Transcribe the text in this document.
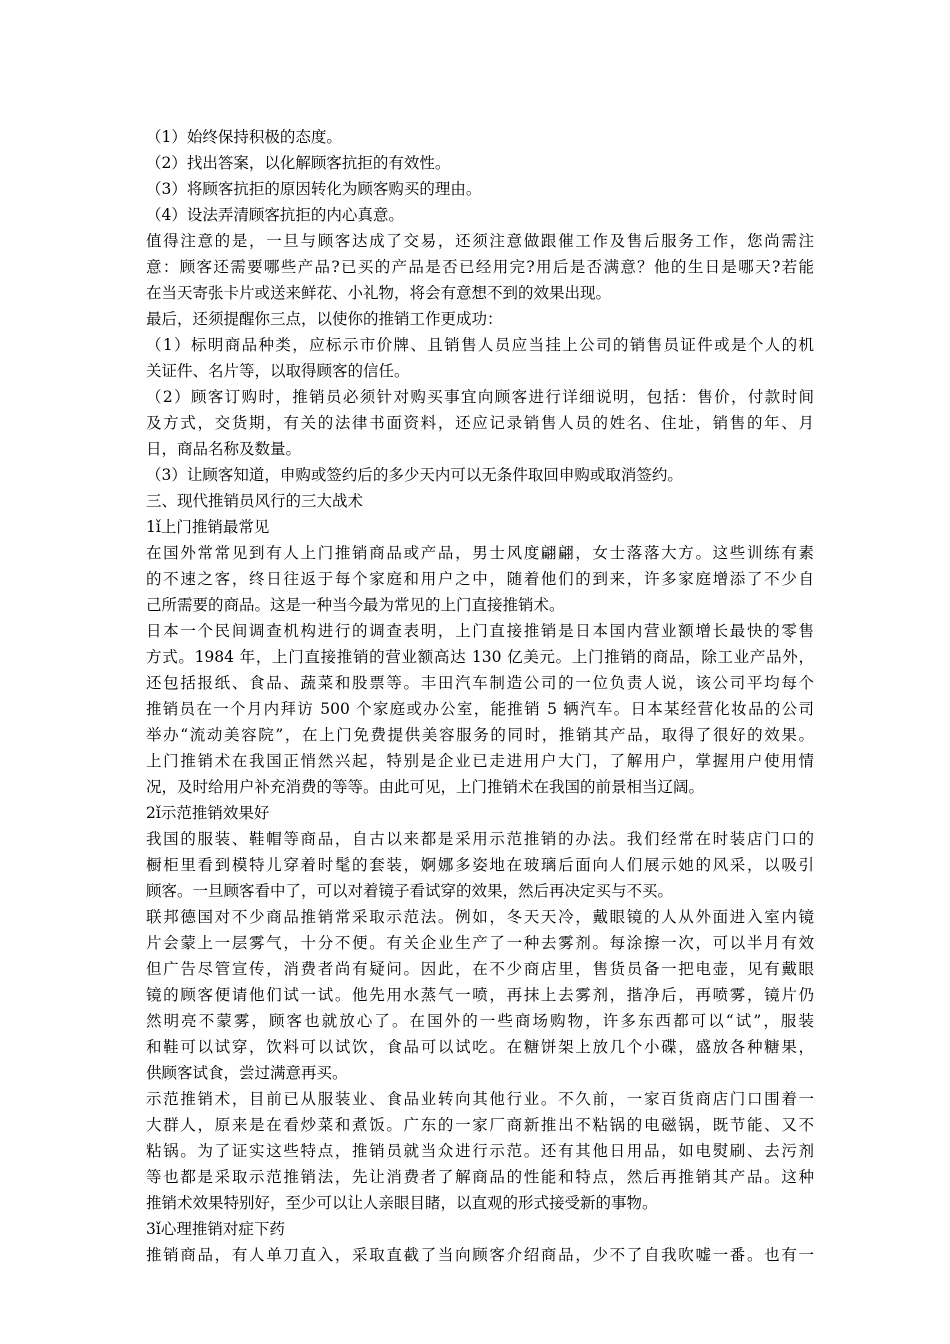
（1）始终保持积极的态度。
（2）找出答案，以化解顾客抗拒的有效性。
（3）将顾客抗拒的原因转化为顾客购买的理由。
（4）设法弄清顾客抗拒的内心真意。
值得注意的是，一旦与顾客达成了交易，还须注意做跟催工作及售后服务工作，您尚需注
意：顾客还需要哪些产品?已买的产品是否已经用完?用后是否满意？他的生日是哪天?若能
在当天寄张卡片或送来鲜花、小礼物，将会有意想不到的效果出现。
最后，还须提醒你三点，以使你的推销工作更成功：
（1）标明商品种类，应标示市价牌、且销售人员应当挂上公司的销售员证件或是个人的机
关证件、名片等，以取得顾客的信任。
（2）顾客订购时，推销员必须针对购买事宜向顾客进行详细说明，包括：售价，付款时间
及方式，交货期，有关的法律书面资料，还应记录销售人员的姓名、住址，销售的年、月
日，商品名称及数量。
（3）让顾客知道，申购或签约后的多少天内可以无条件取回申购或取消签约。
三、现代推销员风行的三大战术
1ǐ上门推销最常见
在国外常常见到有人上门推销商品或产品，男士风度翩翩，女士落落大方。这些训练有素
的不速之客，终日往返于每个家庭和用户之中，随着他们的到来，许多家庭增添了不少自
己所需要的商品。这是一种当今最为常见的上门直接推销术。
日本一个民间调查机构进行的调查表明，上门直接推销是日本国内营业额增长最快的零售
方式。1984 年，上门直接推销的营业额高达 130 亿美元。上门推销的商品，除工业产品外，
还包括报纸、食品、蔬菜和股票等。丰田汽车制造公司的一位负责人说，该公司平均每个
推销员在一个月内拜访 500 个家庭或办公室，能推销 5 辆汽车。日本某经营化妆品的公司
举办“流动美容院”，在上门免费提供美容服务的同时，推销其产品，取得了很好的效果。
上门推销术在我国正悄然兴起，特别是企业已走进用户大门，了解用户，掌握用户使用情
况，及时给用户补充消费的等等。由此可见，上门推销术在我国的前景相当辽阔。
2ǐ示范推销效果好
我国的服装、鞋帽等商品，自古以来都是采用示范推销的办法。我们经常在时装店门口的
橱柜里看到模特儿穿着时髦的套装，婀娜多姿地在玻璃后面向人们展示她的风采，以吸引
顾客。一旦顾客看中了，可以对着镜子看试穿的效果，然后再决定买与不买。
联邦德国对不少商品推销常采取示范法。例如，冬天天冷，戴眼镜的人从外面进入室内镜
片会蒙上一层雾气，十分不便。有关企业生产了一种去雾剂。每涂擦一次，可以半月有效
但广告尽管宣传，消费者尚有疑问。因此，在不少商店里，售货员备一把电壶，见有戴眼
镜的顾客便请他们试一试。他先用水蒸气一喷，再抹上去雾剂，揩净后，再喷雾，镜片仍
然明亮不蒙雾，顾客也就放心了。在国外的一些商场购物，许多东西都可以“试”，服装
和鞋可以试穿，饮料可以试饮，食品可以试吃。在糖饼架上放几个小碟，盛放各种糖果，
供顾客试食，尝过满意再买。
示范推销术，目前已从服装业、食品业转向其他行业。不久前，一家百货商店门口围着一
大群人，原来是在看炒菜和煮饭。广东的一家厂商新推出不粘锅的电磁锅，既节能、又不
粘锅。为了证实这些特点，推销员就当众进行示范。还有其他日用品，如电熨刷、去污剂
等也都是采取示范推销法，先让消费者了解商品的性能和特点，然后再推销其产品。这种
推销术效果特别好，至少可以让人亲眼目睹，以直观的形式接受新的事物。
3ǐ心理推销对症下药
推销商品，有人单刀直入，采取直截了当向顾客介绍商品，少不了自我吹嘘一番。也有一
